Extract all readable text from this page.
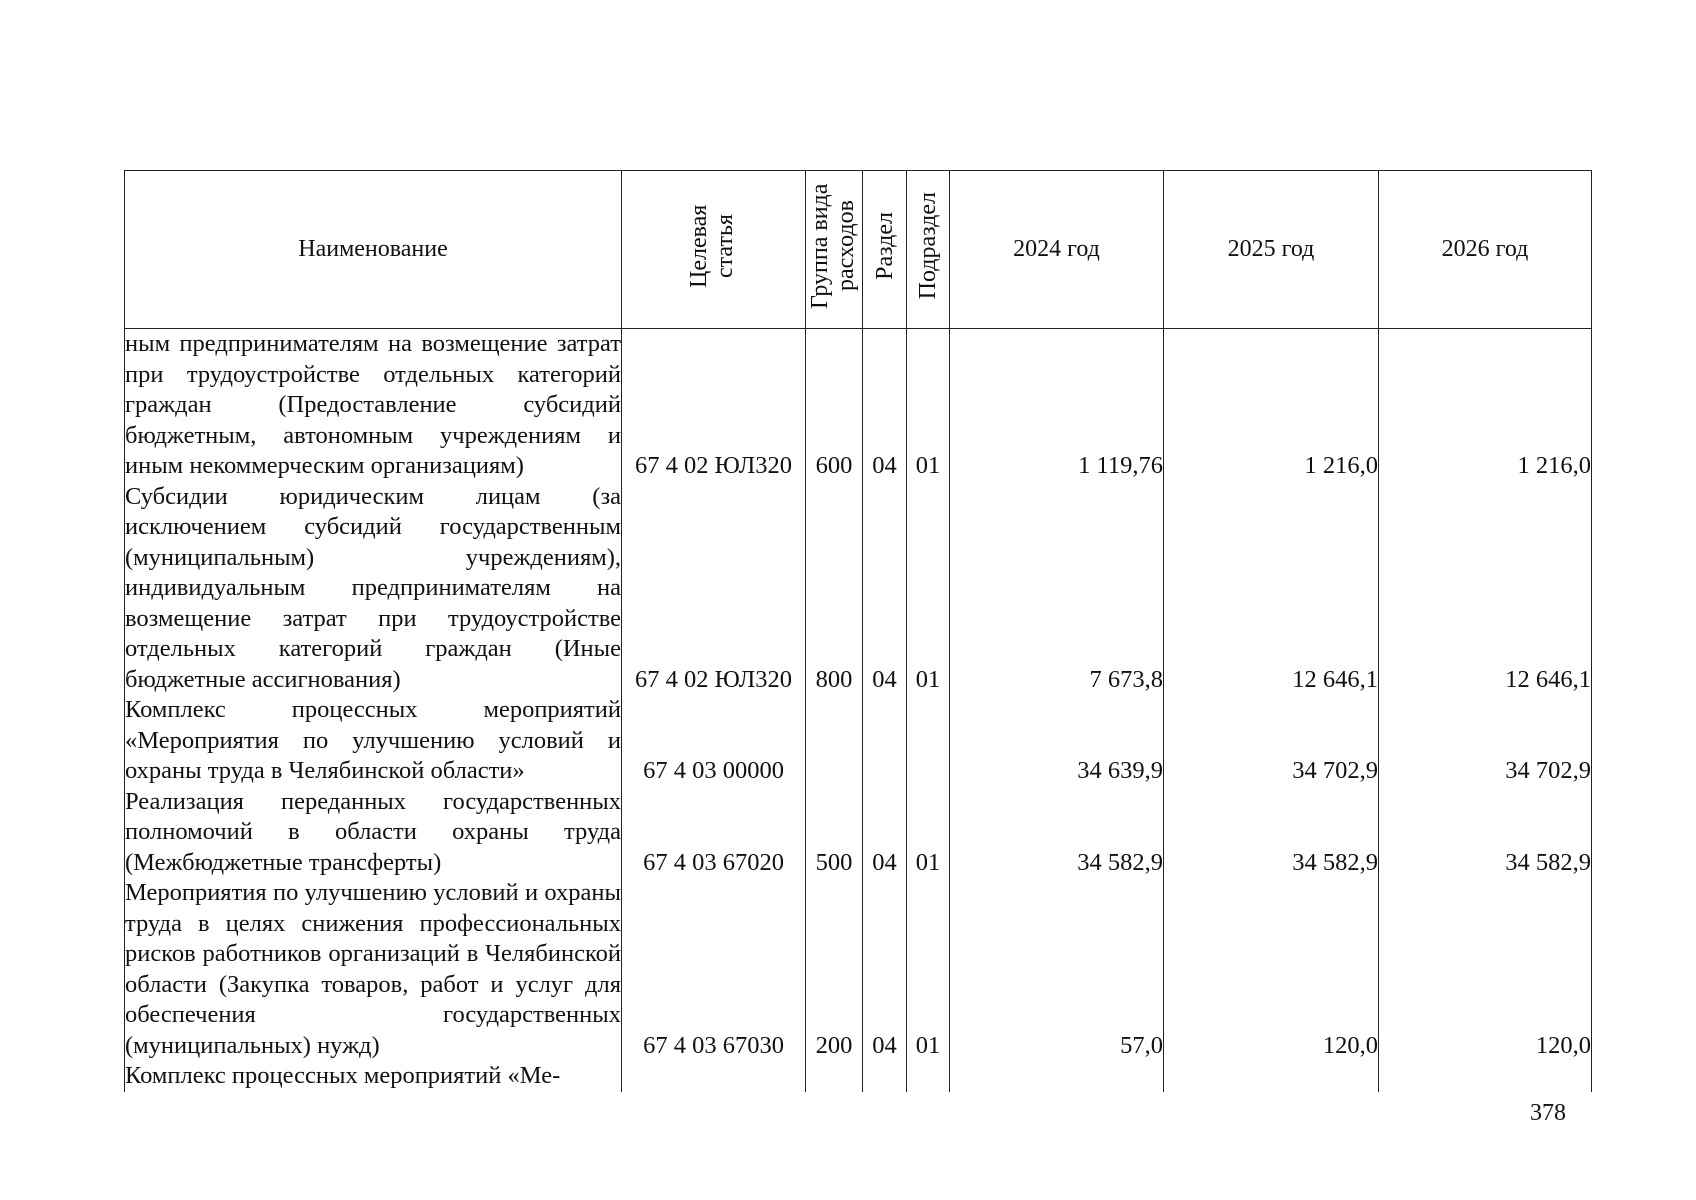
Наименование	Целевая статья	Группа вида расходов	Раздел	Подраздел	2024 год	2025 год	2026 год
ным предпринимателям на возмещение затрат при трудоустройстве отдельных категорий граждан (Предоставление субсидий бюджетным, автономным учреждениям и иным некоммерческим организациям)	67 4 02 ЮЛ320	600	04	01	1 119,76	1 216,0	1 216,0
Субсидии юридическим лицам (за исключением субсидий государственным (муниципальным) учреждениям), индивидуальным предпринимателям на возмещение затрат при трудоустройстве отдельных категорий граждан (Иные бюджетные ассигнования)	67 4 02 ЮЛ320	800	04	01	7 673,8	12 646,1	12 646,1
Комплекс процессных мероприятий «Мероприятия по улучшению условий и охраны труда в Челябинской области»	67 4 03 00000				34 639,9	34 702,9	34 702,9
Реализация переданных государственных полномочий в области охраны труда (Межбюджетные трансферты)	67 4 03 67020	500	04	01	34 582,9	34 582,9	34 582,9
Мероприятия по улучшению условий и охраны труда в целях снижения профессиональных рисков работников организаций в Челябинской области (Закупка товаров, работ и услуг для обеспечения государственных (муниципальных) нужд)	67 4 03 67030	200	04	01	57,0	120,0	120,0
Комплекс процессных мероприятий «Ме-							
378
